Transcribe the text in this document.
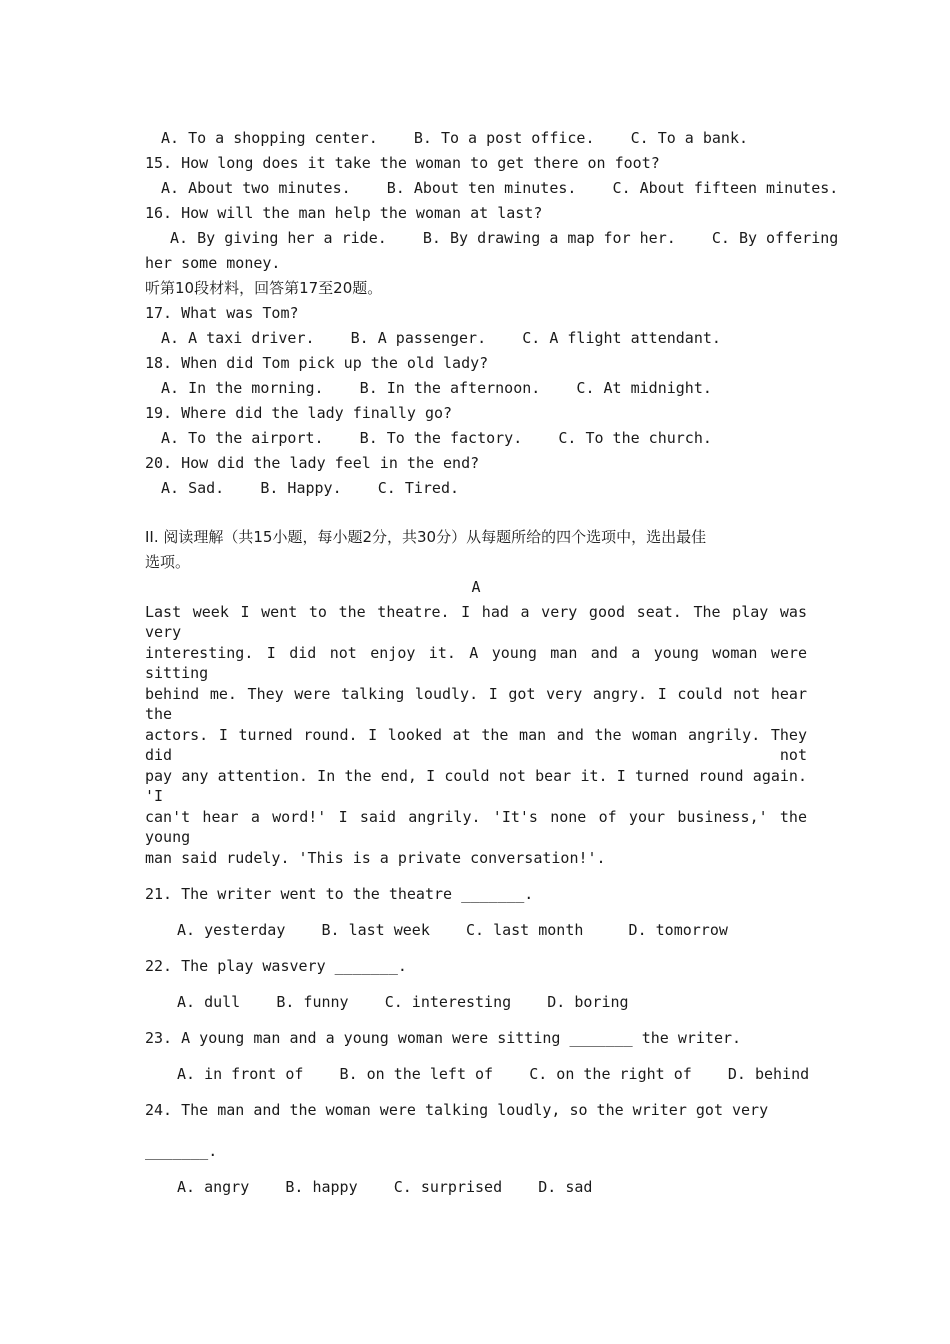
A. To a shopping center.    B. To a post office.    C. To a bank.
15. How long does it take the woman to get there on foot?
A. About two minutes.    B. About ten minutes.    C. About fifteen minutes.
16. How will the man help the woman at last?
A. By giving her a ride.    B. By drawing a map for her.    C. By offering
her some money.
听第10段材料，回答第17至20题。
17. What was Tom?
A. A taxi driver.    B. A passenger.    C. A flight attendant.
18. When did Tom pick up the old lady?
A. In the morning.    B. In the afternoon.    C. At midnight.
19. Where did the lady finally go?
A. To the airport.    B. To the factory.    C. To the church.
20. How did the lady feel in the end?
A. Sad.    B. Happy.    C. Tired.
II. 阅读理解（共15小题，每小题2分，共30分）从每题所给的四个选项中，选出最佳
选项。
A
Last week I went to the theatre. I had a very good seat. The play was very
interesting. I did not enjoy it. A young man and a young woman were sitting
behind me. They were talking loudly. I got very angry. I could not hear the
actors. I turned round. I looked at the man and the woman angrily. They did not
pay any attention. In the end, I could not bear it. I turned round again. 'I
can't hear a word!' I said angrily. 'It's none of your business,' the young
man said rudely. 'This is a private conversation!'.
21. The writer went to the theatre _______.
A. yesterday    B. last week    C. last month     D. tomorrow
22. The play wasvery _______.
A. dull    B. funny    C. interesting    D. boring
23. A young man and a young woman were sitting _______ the writer.
A. in front of    B. on the left of    C. on the right of    D. behind
24. The man and the woman were talking loudly, so the writer got very
_______.
A. angry    B. happy    C. surprised    D. sad
